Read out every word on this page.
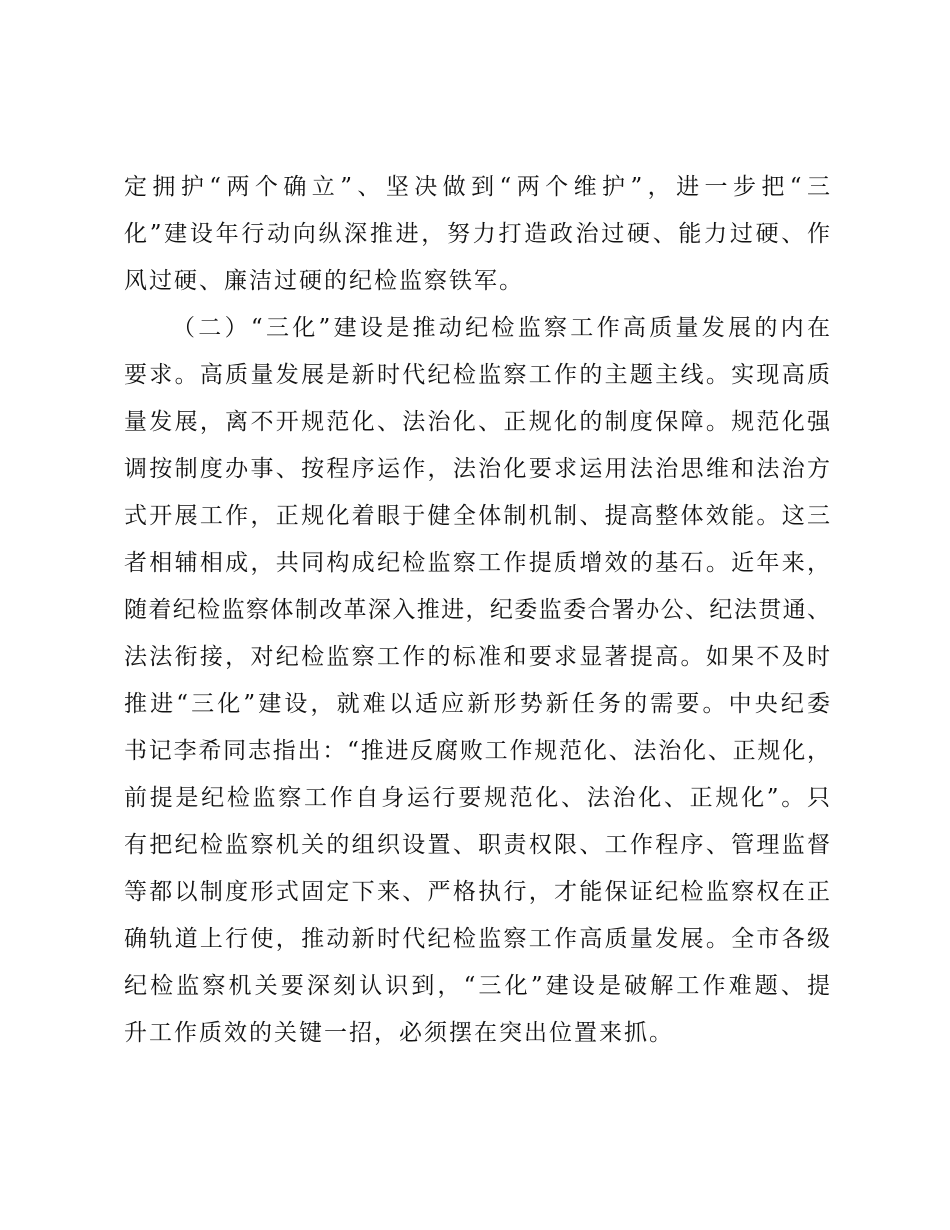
定拥护“两个确立”、坚决做到“两个维护”，进一步把“三
化”建设年行动向纵深推进，努力打造政治过硬、能力过硬、作
风过硬、廉洁过硬的纪检监察铁军。
（二）“三化”建设是推动纪检监察工作高质量发展的内在
要求。高质量发展是新时代纪检监察工作的主题主线。实现高质
量发展，离不开规范化、法治化、正规化的制度保障。规范化强
调按制度办事、按程序运作，法治化要求运用法治思维和法治方
式开展工作，正规化着眼于健全体制机制、提高整体效能。这三
者相辅相成，共同构成纪检监察工作提质增效的基石。近年来，
随着纪检监察体制改革深入推进，纪委监委合署办公、纪法贯通、
法法衔接，对纪检监察工作的标准和要求显著提高。如果不及时
推进“三化”建设，就难以适应新形势新任务的需要。中央纪委
书记李希同志指出：“推进反腐败工作规范化、法治化、正规化，
前提是纪检监察工作自身运行要规范化、法治化、正规化”。只
有把纪检监察机关的组织设置、职责权限、工作程序、管理监督
等都以制度形式固定下来、严格执行，才能保证纪检监察权在正
确轨道上行使，推动新时代纪检监察工作高质量发展。全市各级
纪检监察机关要深刻认识到，“三化”建设是破解工作难题、提
升工作质效的关键一招，必须摆在突出位置来抓。
